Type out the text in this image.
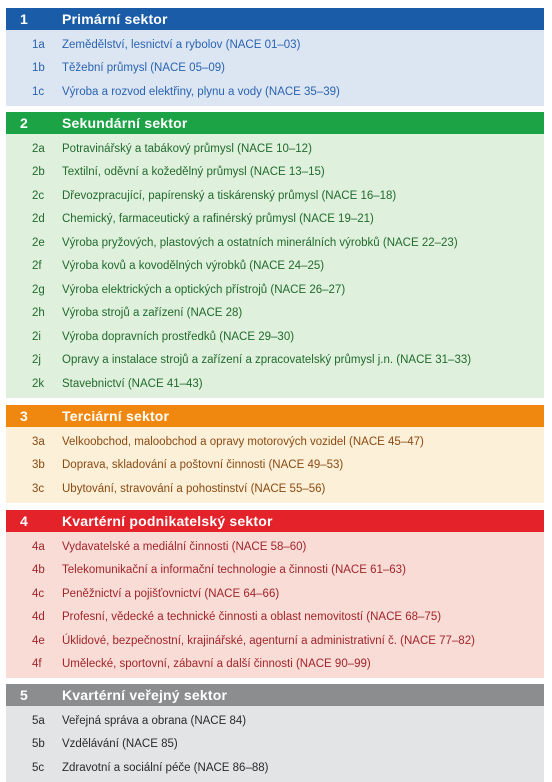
1	Primární sektor
1a	Zemědělství, lesnictví a rybolov (NACE 01–03)
1b	Těžební průmysl (NACE 05–09)
1c	Výroba a rozvod elektřiny, plynu a vody (NACE 35–39)
2	Sekundární sektor
2a	Potravinářský a tabákový průmysl (NACE 10–12)
2b	Textilní, oděvní a kožedělný průmysl (NACE 13–15)
2c	Dřevozpracující, papírenský a tiskárenský průmysl (NACE 16–18)
2d	Chemický, farmaceutický a rafinérský průmysl (NACE 19–21)
2e	Výroba pryžových, plastových a ostatních minerálních výrobků (NACE 22–23)
2f	Výroba kovů a kovodělných výrobků (NACE 24–25)
2g	Výroba elektrických a optických přístrojů (NACE 26–27)
2h	Výroba strojů a zařízení (NACE 28)
2i	Výroba dopravních prostředků (NACE 29–30)
2j	Opravy a instalace strojů a zařízení a zpracovatelský průmysl j.n. (NACE 31–33)
2k	Stavebnictví (NACE 41–43)
3	Terciární sektor
3a	Velkoobchod, maloobchod a opravy motorových vozidel (NACE 45–47)
3b	Doprava, skladování a poštovní činnosti (NACE 49–53)
3c	Ubytování, stravování a pohostinství (NACE 55–56)
4	Kvartérní podnikatelský sektor
4a	Vydavatelské a mediální činnosti (NACE 58–60)
4b	Telekomunikační a informační technologie a činnosti (NACE 61–63)
4c	Peněžnictví a pojišťovnictví (NACE 64–66)
4d	Profesní, vědecké a technické činnosti a oblast nemovitostí (NACE 68–75)
4e	Úklidové, bezpečnostní, krajinářské, agenturní a administrativní č. (NACE 77–82)
4f	Umělecké, sportovní, zábavní a další činnosti (NACE 90–99)
5	Kvartérní veřejný sektor
5a	Veřejná správa a obrana (NACE 84)
5b	Vzdělávání (NACE 85)
5c	Zdravotní a sociální péče (NACE 86–88)
